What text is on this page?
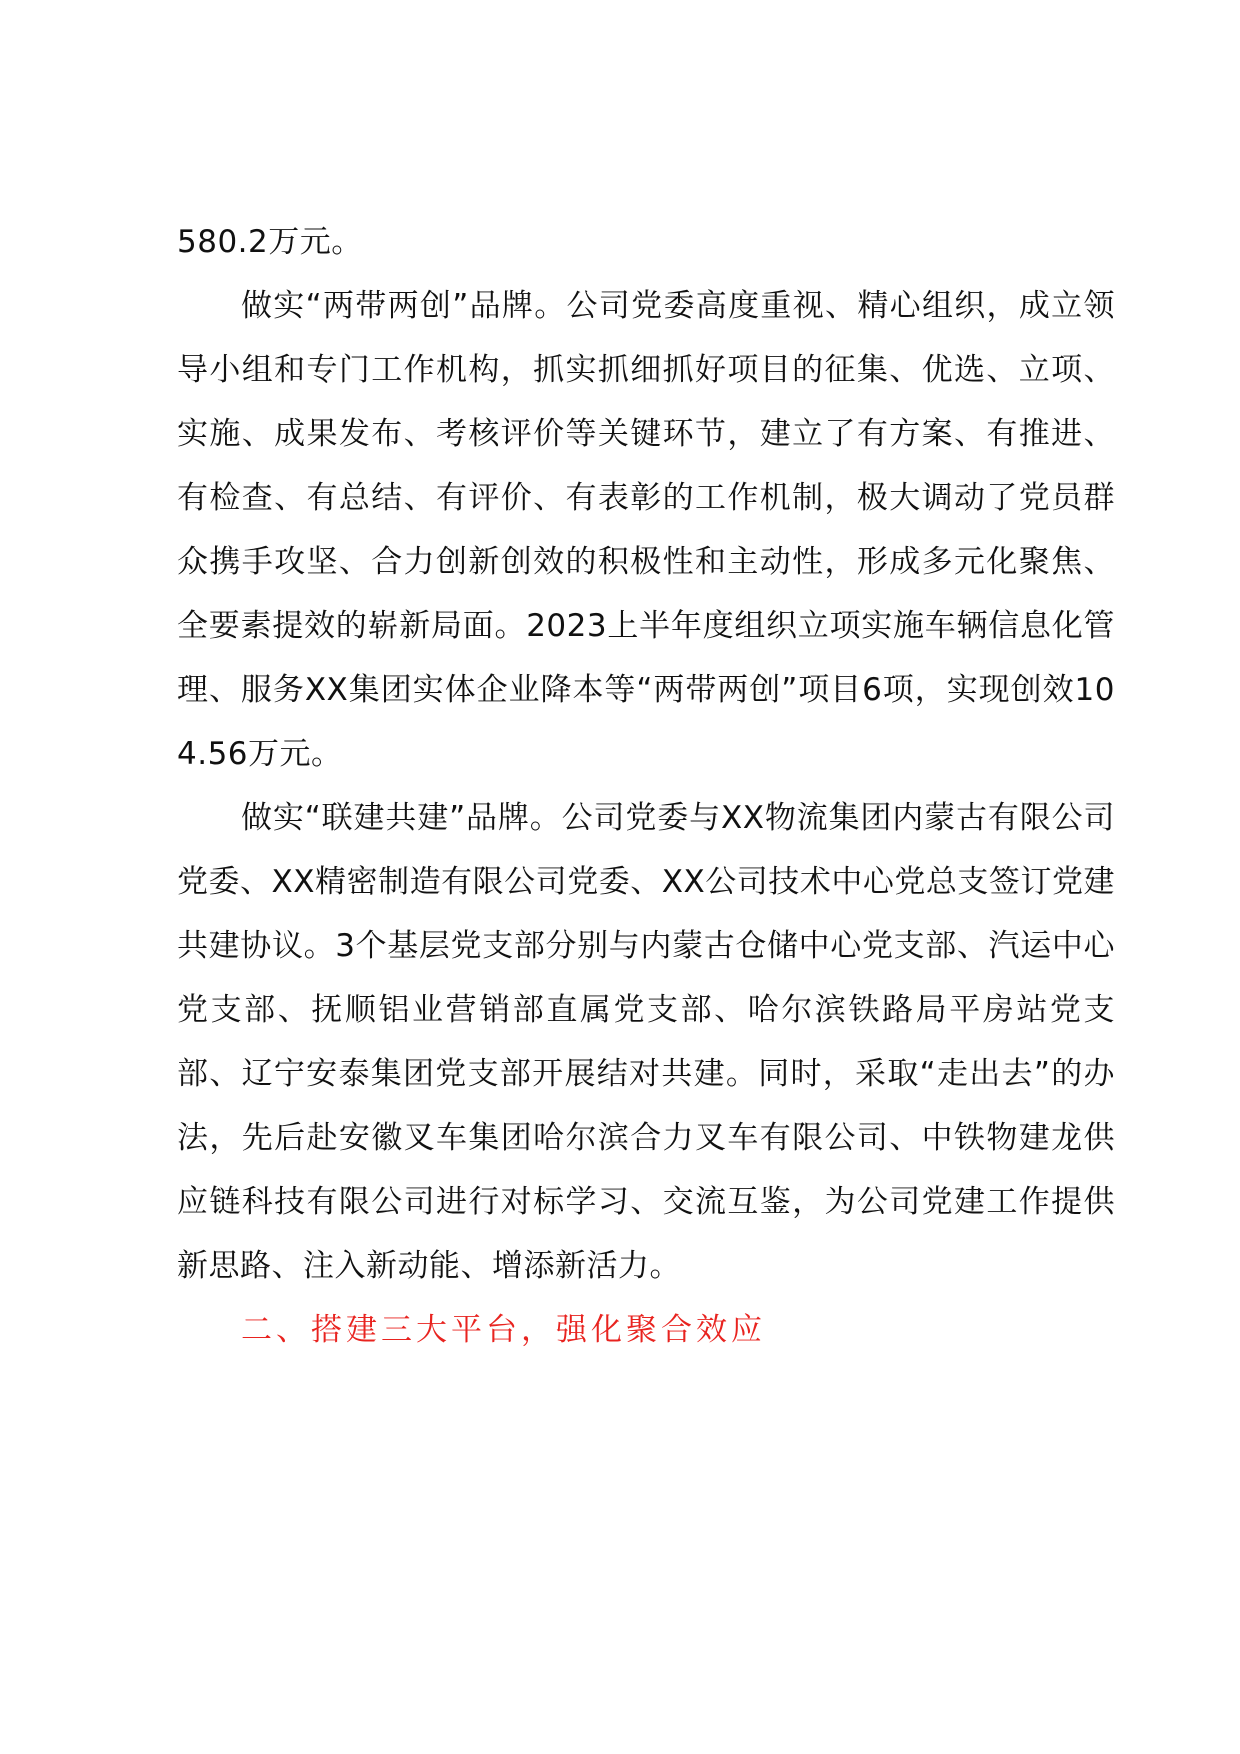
580.2万元。

做实“两带两创”品牌。公司党委高度重视、精心组织，成立领导小组和专门工作机构，抓实抓细抓好项目的征集、优选、立项、实施、成果发布、考核评价等关键环节，建立了有方案、有推进、有检查、有总结、有评价、有表彰的工作机制，极大调动了党员群众携手攻坚、合力创新创效的积极性和主动性，形成多元化聚焦、全要素提效的崭新局面。2023上半年度组织立项实施车辆信息化管理、服务XX集团实体企业降本等“两带两创”项目6项，实现创效104.56万元。

做实“联建共建”品牌。公司党委与XX物流集团内蒙古有限公司党委、XX精密制造有限公司党委、XX公司技术中心党总支签订党建共建协议。3个基层党支部分别与内蒙古仓储中心党支部、汽运中心党支部、抚顺铝业营销部直属党支部、哈尔滨铁路局平房站党支部、辽宁安泰集团党支部开展结对共建。同时，采取“走出去”的办法，先后赴安徽叉车集团哈尔滨合力叉车有限公司、中铁物建龙供应链科技有限公司进行对标学习、交流互鉴，为公司党建工作提供新思路、注入新动能、增添新活力。

二、搭建三大平台，强化聚合效应
